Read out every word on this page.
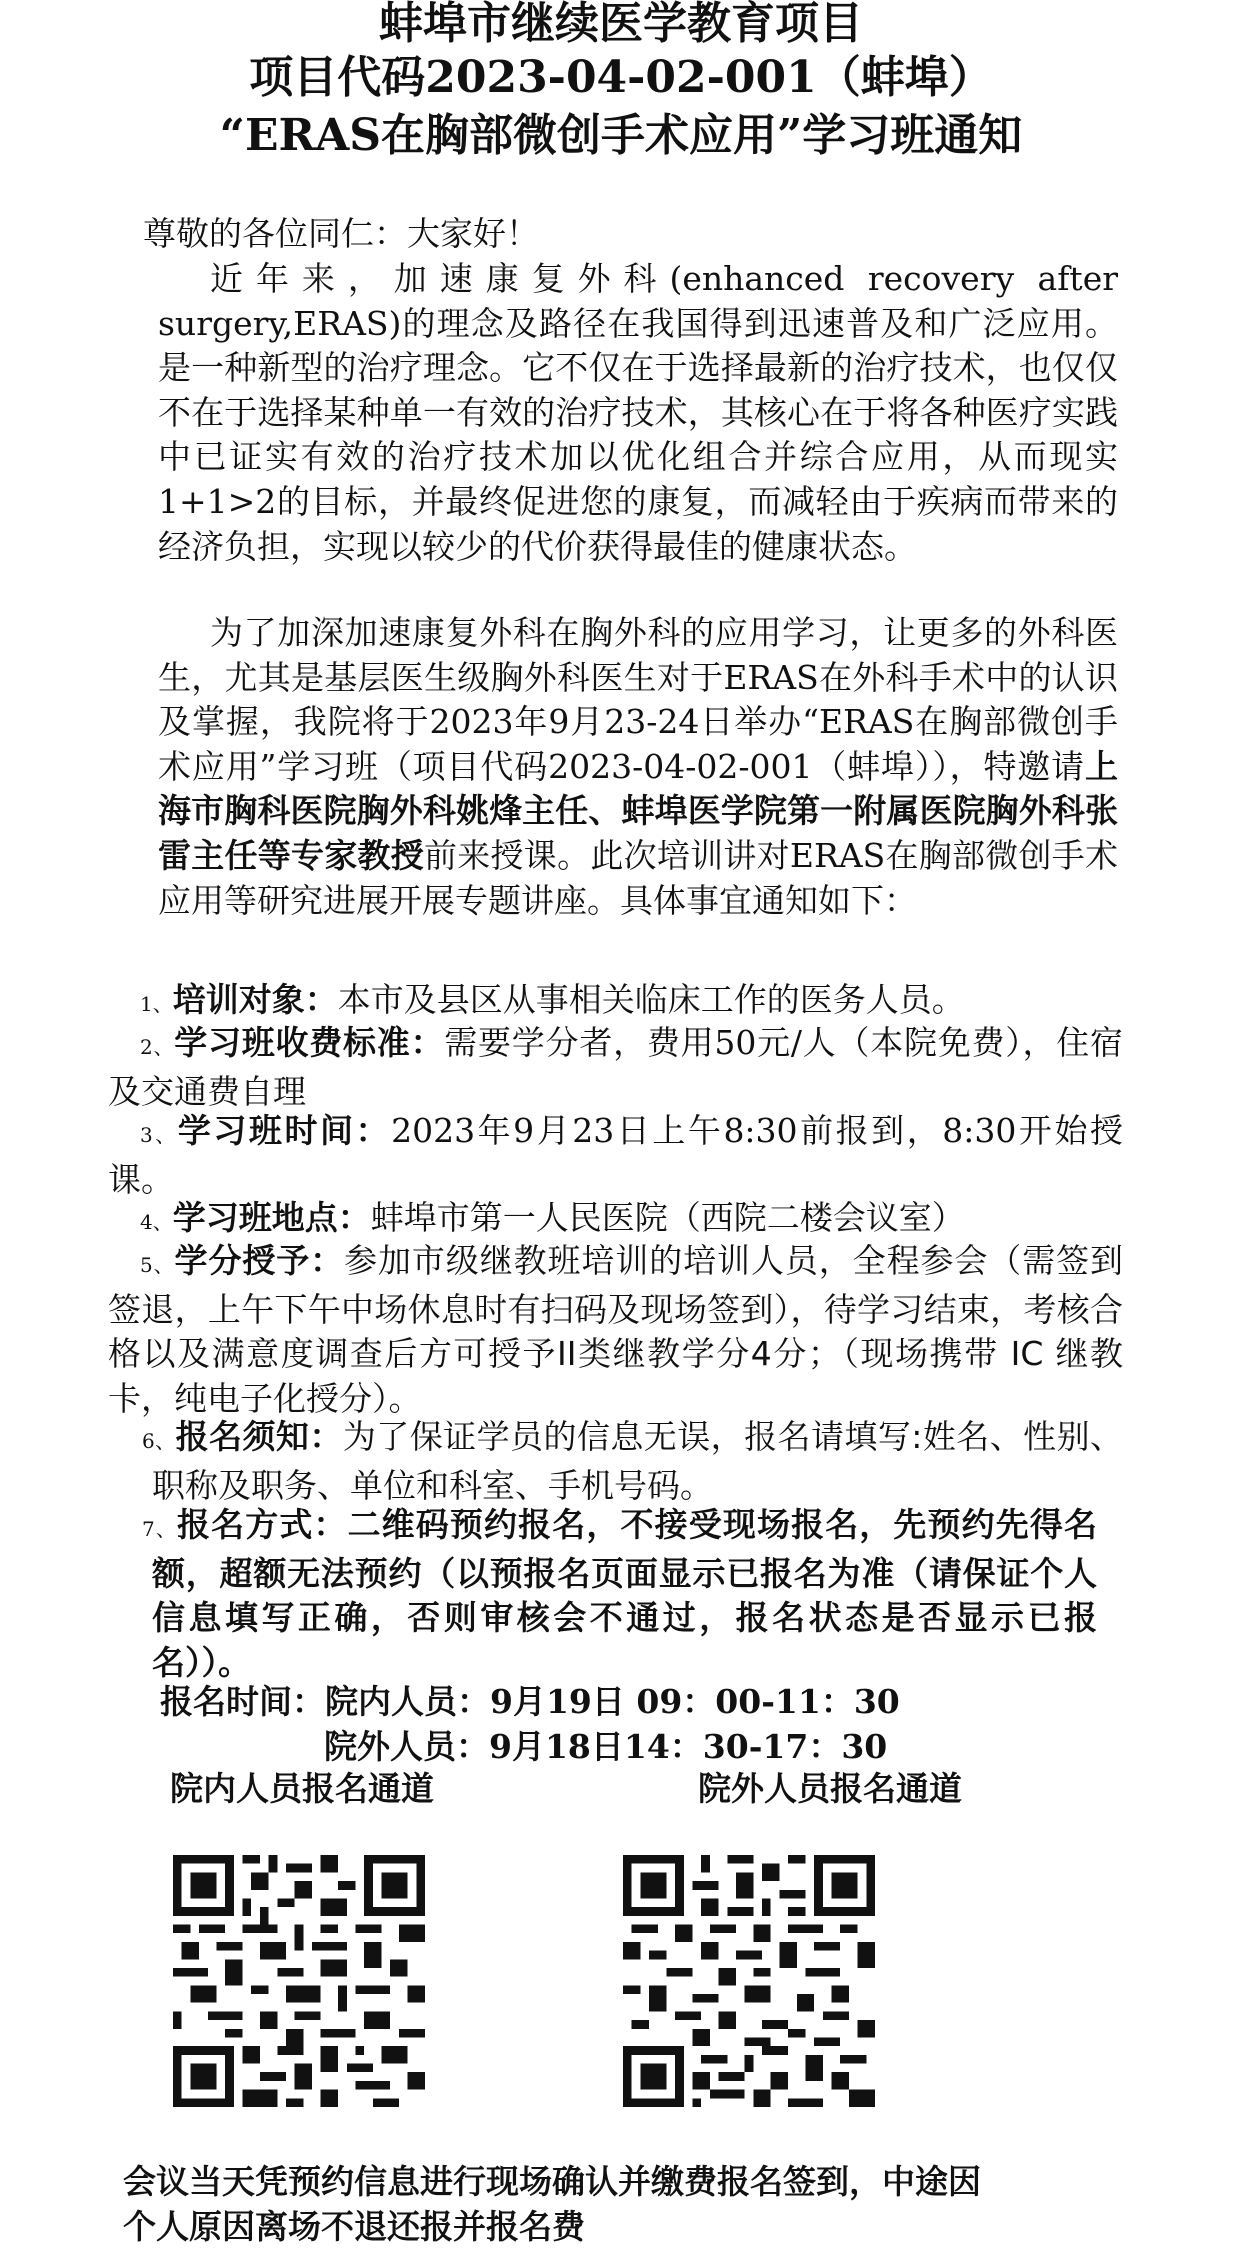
蚌埠市继续医学教育项目
项目代码2023-04-02-001（蚌埠）
“ERAS在胸部微创手术应用”学习班通知
尊敬的各位同仁：大家好！
近年来，加速康复外科(enhanced recovery after surgery,ERAS)的理念及路径在我国得到迅速普及和广泛应用。是一种新型的治疗理念。它不仅在于选择最新的治疗技术，也仅仅不在于选择某种单一有效的治疗技术，其核心在于将各种医疗实践中已证实有效的治疗技术加以优化组合并综合应用，从而现实1+1>2的目标，并最终促进您的康复，而减轻由于疾病而带来的经济负担，实现以较少的代价获得最佳的健康状态。
为了加深加速康复外科在胸外科的应用学习，让更多的外科医生，尤其是基层医生级胸外科医生对于ERAS在外科手术中的认识及掌握，我院将于2023年9月23-24日举办“ERAS在胸部微创手术应用”学习班（项目代码2023-04-02-001（蚌埠）），特邀请上海市胸科医院胸外科姚烽主任、蚌埠医学院第一附属医院胸外科张雷主任等专家教授前来授课。此次培训讲对ERAS在胸部微创手术应用等研究进展开展专题讲座。具体事宜通知如下：
1、培训对象：本市及县区从事相关临床工作的医务人员。
2、学习班收费标准：需要学分者，费用50元/人（本院免费），住宿及交通费自理
3、学习班时间：2023年9月23日上午8:30前报到，8:30开始授课。
4、学习班地点：蚌埠市第一人民医院（西院二楼会议室）
5、学分授予：参加市级继教班培训的培训人员，全程参会（需签到签退，上午下午中场休息时有扫码及现场签到），待学习结束，考核合格以及满意度调查后方可授予II类继教学分4分；（现场携带 IC 继教卡，纯电子化授分）。
6、报名须知：为了保证学员的信息无误，报名请填写:姓名、性别、职称及职务、单位和科室、手机号码。
7、报名方式：二维码预约报名，不接受现场报名，先预约先得名额，超额无法预约（以预报名页面显示已报名为准（请保证个人信息填写正确，否则审核会不通过，报名状态是否显示已报名））。
报名时间：院内人员：9月19日 09：00-11：30
院外人员：9月18日14：30-17：30
院内人员报名通道	院外人员报名通道
会议当天凭预约信息进行现场确认并缴费报名签到，中途因
个人原因离场不退还报并报名费
